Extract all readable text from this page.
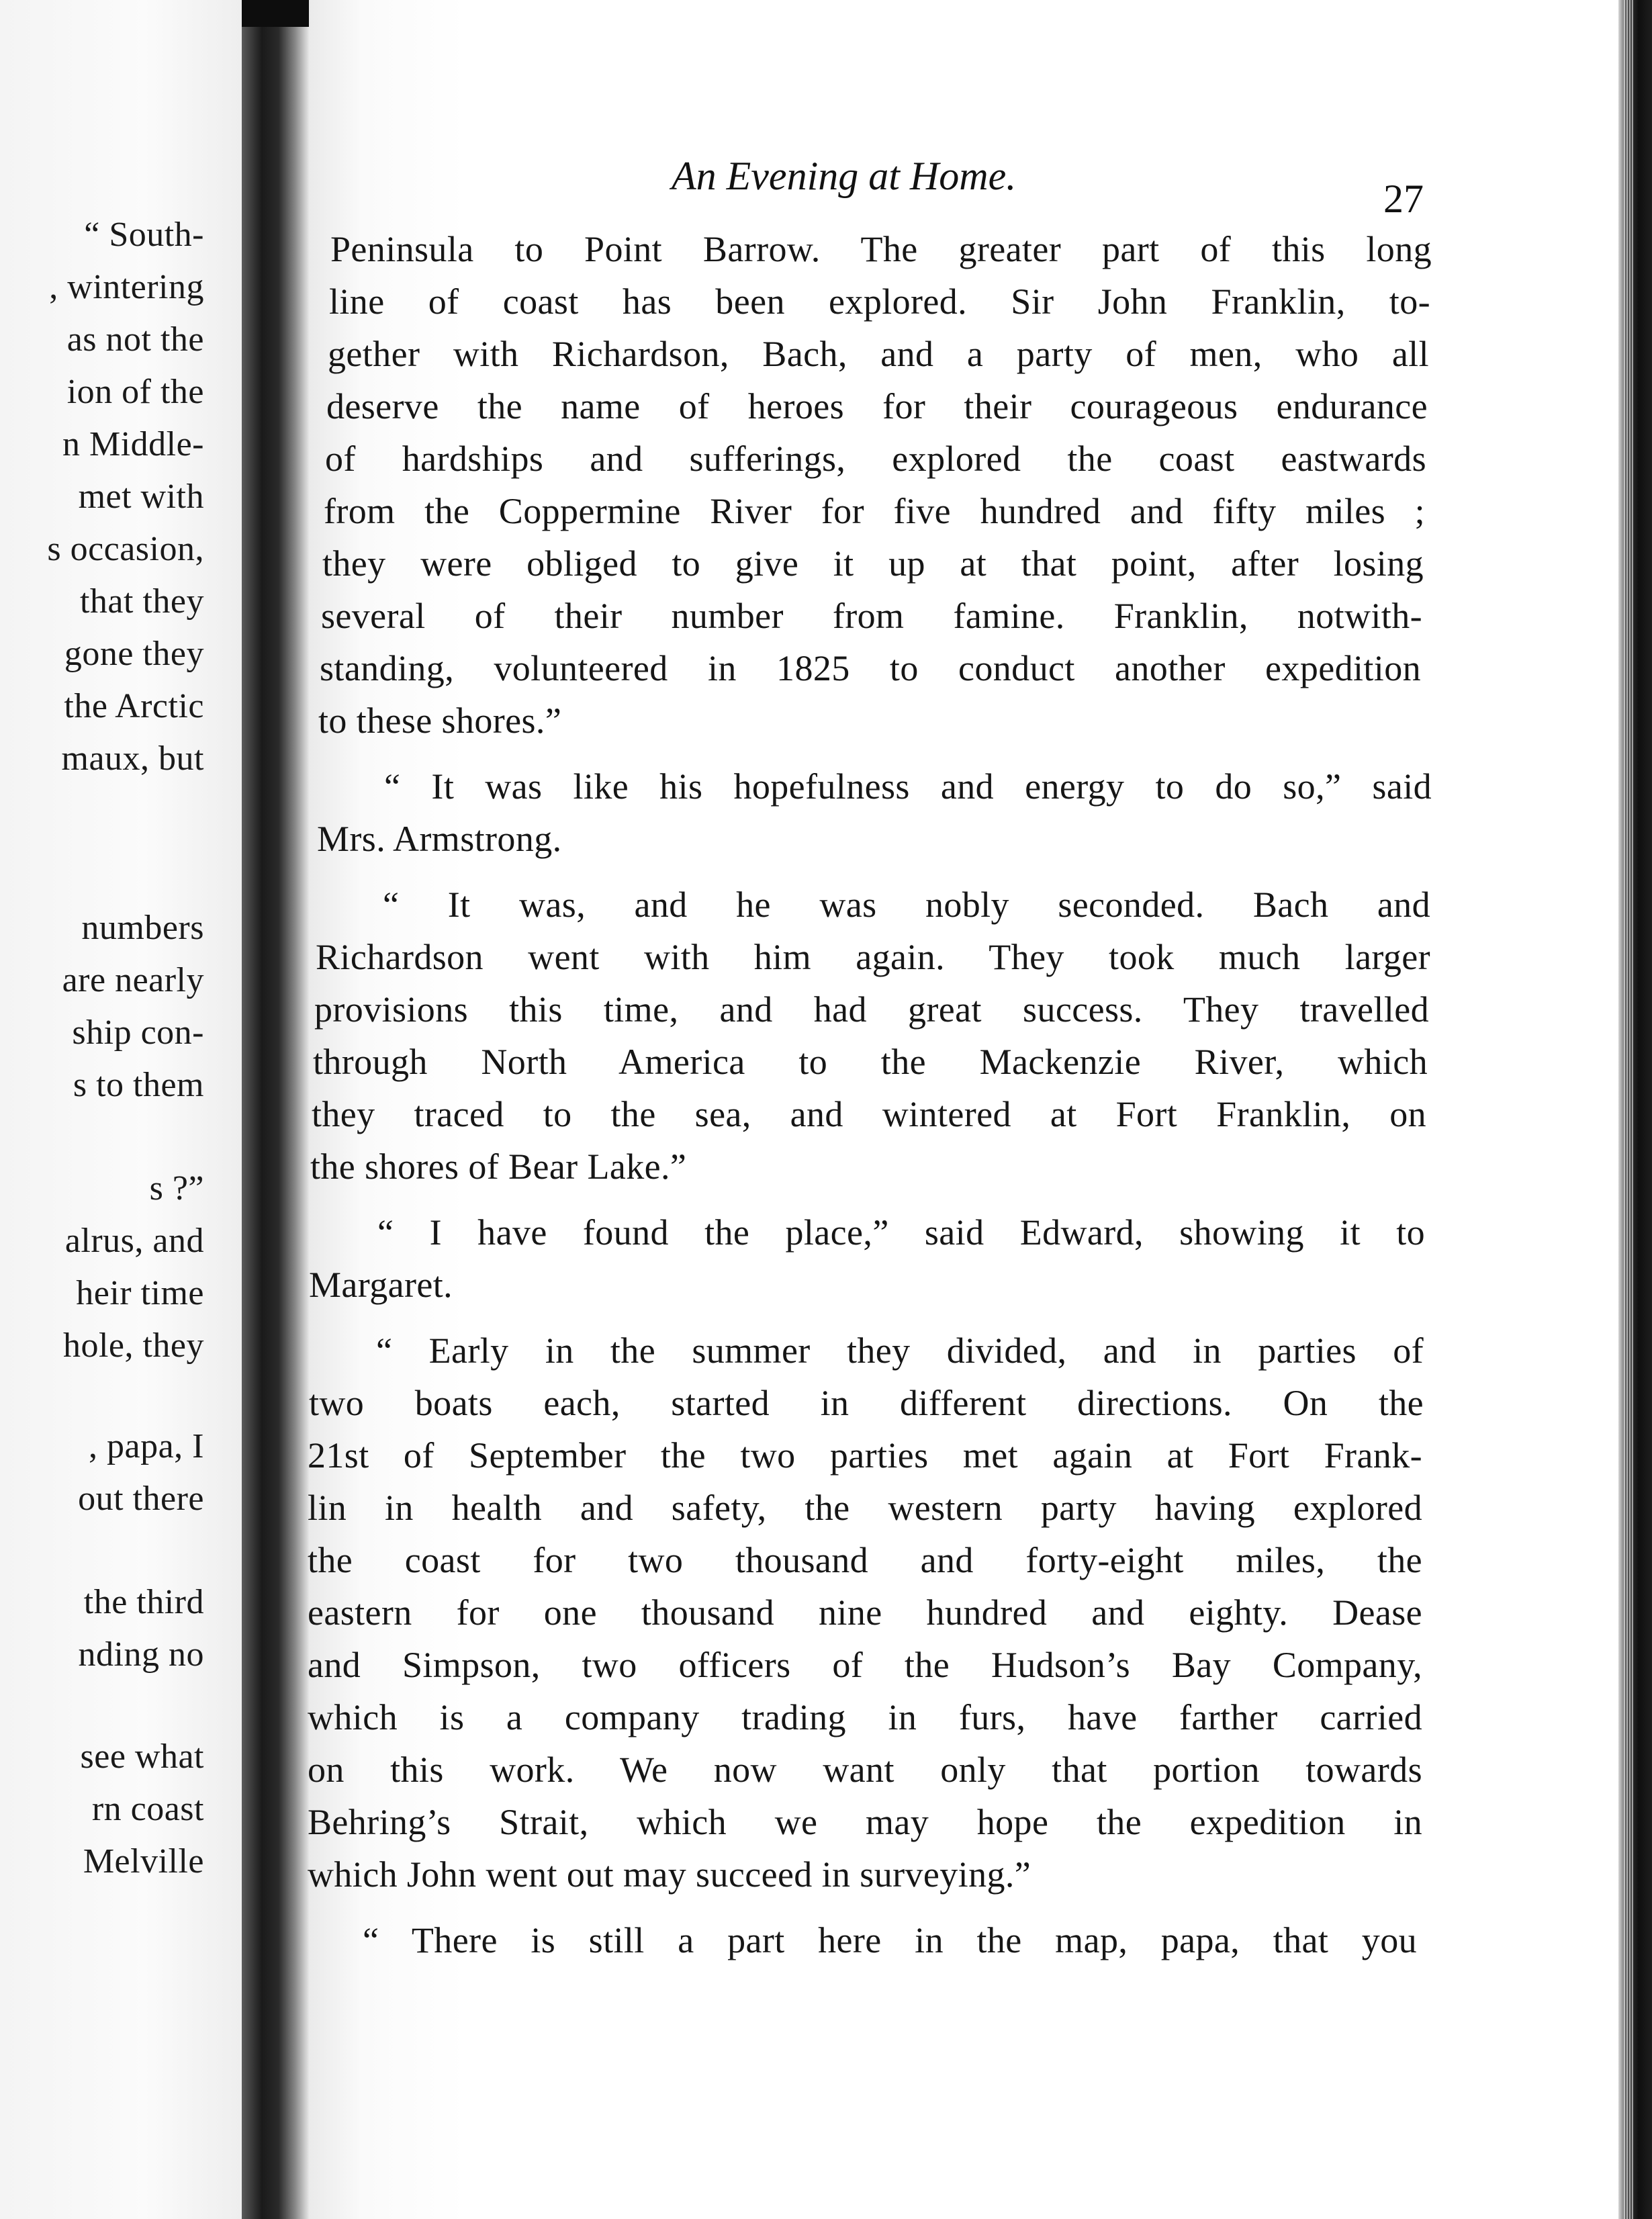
“ South-
, wintering
as not the
ion of the
n Middle-
met with
s occasion,
that they
gone they
the Arctic
maux, but
numbers
are nearly
ship con-
s to them
s ?”
alrus, and
heir time
hole, they
, papa, I
out there
the third
nding no
see what
rn coast
Melville
An Evening at Home.
27
Peninsula to Point Barrow. The greater part of this long
line of coast has been explored. Sir John Franklin, to-
gether with Richardson, Bach, and a party of men, who all
deserve the name of heroes for their courageous endurance
of hardships and sufferings, explored the coast eastwards
from the Coppermine River for five hundred and fifty miles ;
they were obliged to give it up at that point, after losing
several of their number from famine. Franklin, notwith-
standing, volunteered in 1825 to conduct another expedition
to these shores.”
“ It was like his hopefulness and energy to do so,” said
Mrs. Armstrong.
“ It was, and he was nobly seconded. Bach and
Richardson went with him again. They took much larger
provisions this time, and had great success. They travelled
through North America to the Mackenzie River, which
they traced to the sea, and wintered at Fort Franklin, on
the shores of Bear Lake.”
“ I have found the place,” said Edward, showing it to
Margaret.
“ Early in the summer they divided, and in parties of
two boats each, started in different directions. On the
21st of September the two parties met again at Fort Frank-
lin in health and safety, the western party having explored
the coast for two thousand and forty-eight miles, the
eastern for one thousand nine hundred and eighty. Dease
and Simpson, two officers of the Hudson’s Bay Company,
which is a company trading in furs, have farther carried
on this work. We now want only that portion towards
Behring’s Strait, which we may hope the expedition in
which John went out may succeed in surveying.”
“ There is still a part here in the map, papa, that you
